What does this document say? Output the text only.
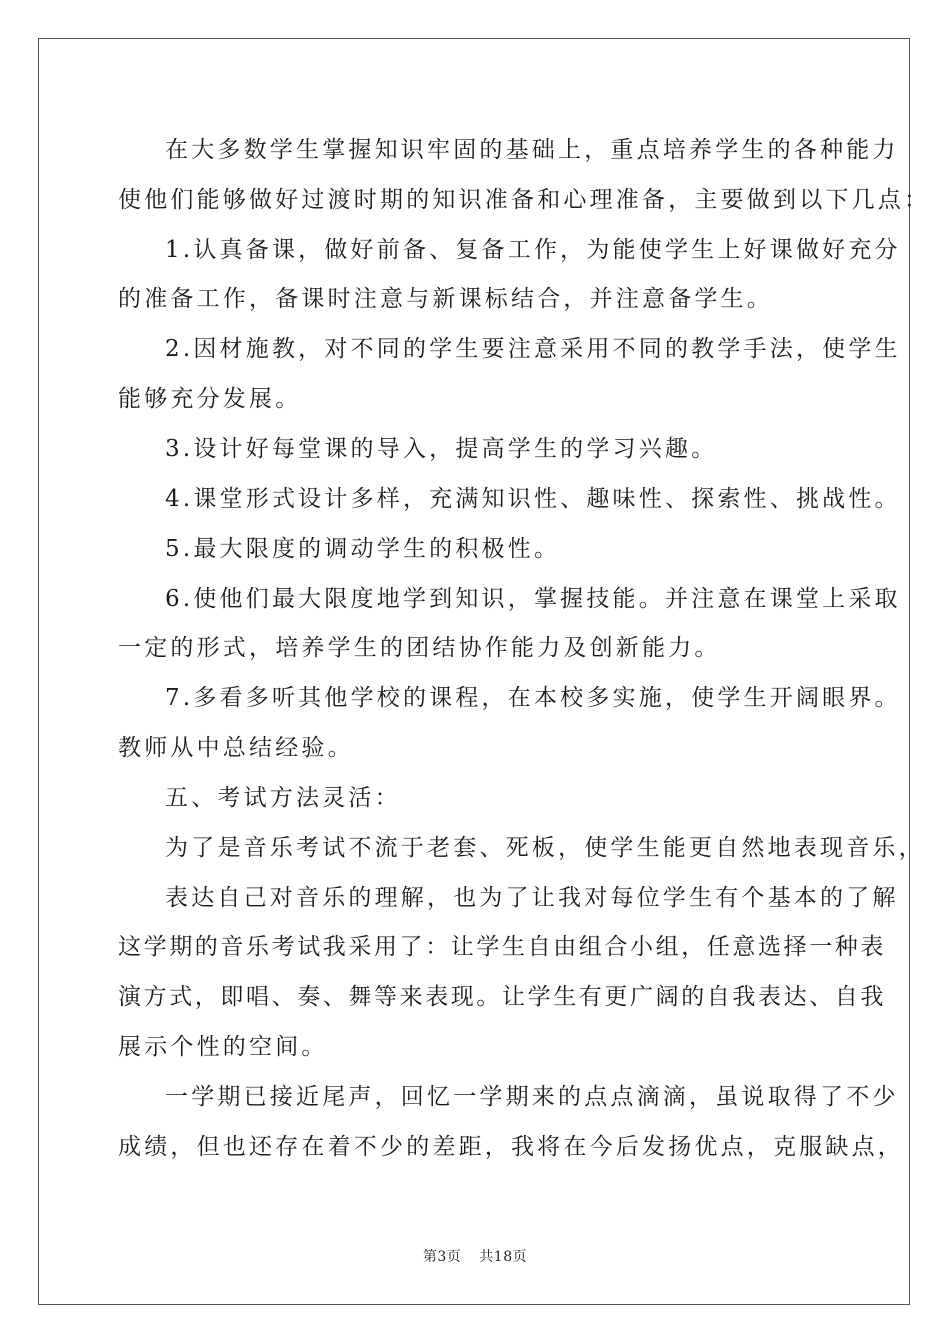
在大多数学生掌握知识牢固的基础上，重点培养学生的各种能力
使他们能够做好过渡时期的知识准备和心理准备，主要做到以下几点：
1.认真备课，做好前备、复备工作，为能使学生上好课做好充分
的准备工作，备课时注意与新课标结合，并注意备学生。
2.因材施教，对不同的学生要注意采用不同的教学手法，使学生
能够充分发展。
3.设计好每堂课的导入，提高学生的学习兴趣。
4.课堂形式设计多样，充满知识性、趣味性、探索性、挑战性。
5.最大限度的调动学生的积极性。
6.使他们最大限度地学到知识，掌握技能。并注意在课堂上采取
一定的形式，培养学生的团结协作能力及创新能力。
7.多看多听其他学校的课程，在本校多实施，使学生开阔眼界。
教师从中总结经验。
五、考试方法灵活：
为了是音乐考试不流于老套、死板，使学生能更自然地表现音乐，
表达自己对音乐的理解，也为了让我对每位学生有个基本的了解
这学期的音乐考试我采用了：让学生自由组合小组，任意选择一种表
演方式，即唱、奏、舞等来表现。让学生有更广阔的自我表达、自我
展示个性的空间。
一学期已接近尾声，回忆一学期来的点点滴滴，虽说取得了不少
成绩，但也还存在着不少的差距，我将在今后发扬优点，克服缺点，
第3页 共18页
